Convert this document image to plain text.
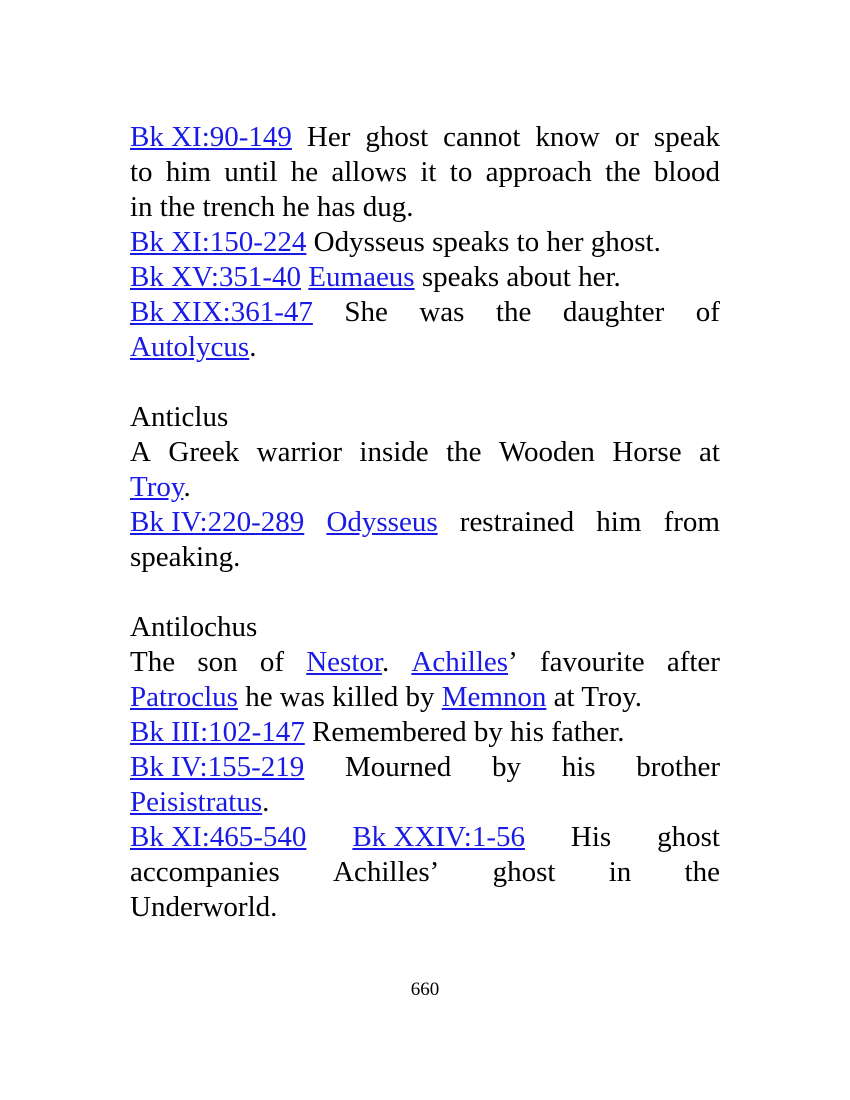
Bk XI:90-149 Her ghost cannot know or speak
to him until he allows it to approach the blood
in the trench he has dug.
Bk XI:150-224 Odysseus speaks to her ghost.
Bk XV:351-40 Eumaeus speaks about her.
Bk XIX:361-47 She was the daughter of
Autolycus.
Anticlus
A Greek warrior inside the Wooden Horse at
Troy.
Bk IV:220-289 Odysseus restrained him from
speaking.
Antilochus
The son of Nestor. Achilles’ favourite after
Patroclus he was killed by Memnon at Troy.
Bk III:102-147 Remembered by his father.
Bk IV:155-219 Mourned by his brother
Peisistratus.
Bk XI:465-540 Bk XXIV:1-56 His ghost
accompanies Achilles’ ghost in the
Underworld.
660
